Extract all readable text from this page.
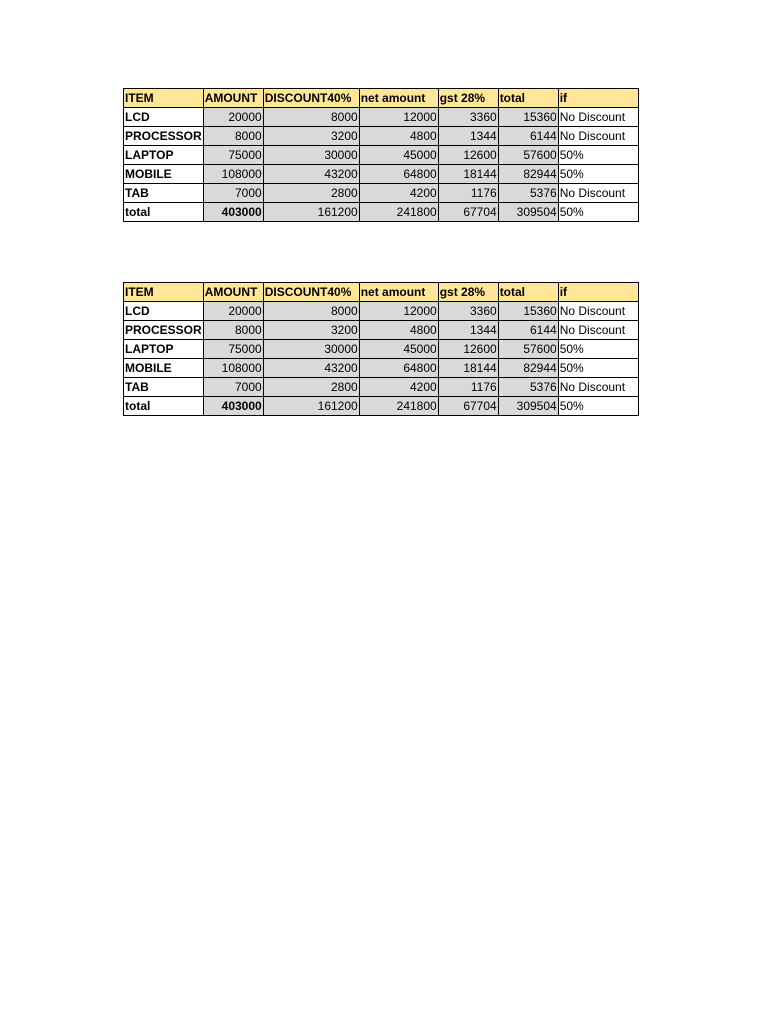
ITEM	AMOUNT	DISCOUNT40%	net amount	gst 28%	total	if
LCD	20000	8000	12000	3360	15360	No Discount
PROCESSOR	8000	3200	4800	1344	6144	No Discount
LAPTOP	75000	30000	45000	12600	57600	50%
MOBILE	108000	43200	64800	18144	82944	50%
TAB	7000	2800	4200	1176	5376	No Discount
total	403000	161200	241800	67704	309504	50%
ITEM	AMOUNT	DISCOUNT40%	net amount	gst 28%	total	if
LCD	20000	8000	12000	3360	15360	No Discount
PROCESSOR	8000	3200	4800	1344	6144	No Discount
LAPTOP	75000	30000	45000	12600	57600	50%
MOBILE	108000	43200	64800	18144	82944	50%
TAB	7000	2800	4200	1176	5376	No Discount
total	403000	161200	241800	67704	309504	50%
